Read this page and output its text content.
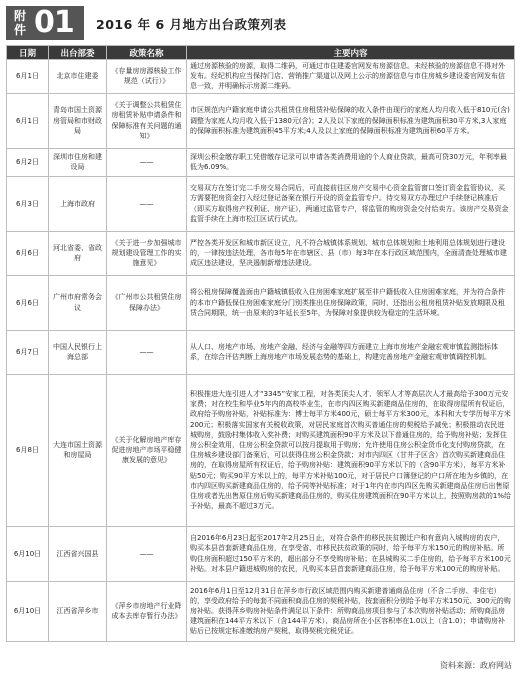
附
件 01 2016 年 6 月地方出台政策列表
日期	出台部委	政策名称	主要内容
6月1日	北京市住建委	《存量房房源核验工作规范（试行）》	通过房源核验的房源，取得二维码，可通过市住建委官网发布房源信息。未经核验的房源信息不得对外发布。经纪机构应当保持门店、营销推广渠道以及网上公示的房源信息与市住房城乡建设委官网发布信息一致，并明确标示房源二维码。
6月1日	青岛市国土资源房管局和市财政局	《关于调整公共租赁住房租赁补贴申请条件和保障标准有关问题的通知》	市区规范内户籍家庭申请公共租赁住房租赁补贴保障的收入条件由现行的家庭人均月收入低于810元(含)调整为家庭人均月收入低于1380元(含)；2人及以下家庭的保障面积标准为建筑面积30平方米,3人家庭的保障面积标准为建筑面积45平方米;4人及以上家庭的保障面积标准为建筑面积60平方米。
6月2日	深圳市住房和建设局	——	深圳公积金缴存职工凭借缴存记录可以申请各类消费用途的个人商业贷款，最高可贷30万元，年利率最低为6.09%。
6月3日	上海市政府	——	交易双方在签订完二手房交易合同后，可直接前往区房产交易中心资金监管窗口签订资金监管协议，买方需要把房资金打入经过登记备案在银行开设的资金监管专户。待交易双方办理过户手续登记核准后（即买方取得房产权利证、房产证），两通过监管专户，将监管的购房资金交付给卖方。该房产交易资金监管手续在上海市松江区试行试点。
6月6日	河北省委、省政府	《关于进一步加强城市规划建设管理工作的实施意见》	严控各类开发区和城市新区设立，凡不符合城镇体系规划、城市总体规划和土地利用总体规划进行建设的，一律按违法处理，各市每5年在市辖区、县（市）每3年在本行政区域范围内，全面清查处理城市建成区违法建设，坚决遏制新增违法建设。
6月6日	广州市府常务会议	《广州市公共租赁住房保障办法》	将公租房保障覆盖面由户籍城镇低收入住房困难家庭扩展至非户籍低收入住房困难家庭，并为符合条件的本市户籍低保住房困难家庭分门别类推出住房保障政策，同时，还指出公租房租赁补贴发放期限及租赁合同期限，统一由原来的3年延长至5年，为保障对象提供较为稳定的生活环境。
6月7日	中国人民银行上海总部	——	从人口、房地产市场、房地产金融、经济与金融等四方面建立上海市房地产金融宏观审慎监测指标体系，在综合评估判断上海房地产市场发展态势的基础上，构建完善房地产金融宏观审慎调控机制。
6月8日	大连市国土资源和房屋局	《关于化解房地产库存促进房地产市场平稳健康发展的意见》	积极推进大连引进人才“3345”安家工程，对各类顶尖人才、领军人才等高层次人才最高给予300万元安家费；对在校生和毕业5年内的高校毕业生，在市内四区购买新建商品住房的，在取得房屋所有权证后，政府给予购房补贴，补贴标准为：博士每平方米400元，硕士每平方米300元，本科和大专学历每平方米200元；积极落实国家有关税收政策，对居民家庭首次购买普通住房的契税给予减免；积极推动农民进城购房，鼓励村集体收入奖补费；对购买建筑面积90平方米及以下普通住房的，给予购房补贴；发挥住房公积金效用，住房公积金贷款可以按月提取用于购房；允许使用住房公积金货币化支付购房贷款，在住房城乡建设部门备案后，可以获得住房公积金贷款；对市内四区（甘井子区含）首次购买新建商品住房的，在取得房屋所有权证后，给予购房补贴：建筑面积90平方米以下的（含90平方米），每平方米补贴50元；购买90平方米以上的，每平方米补贴100元，对于居民户口簿登记的户口所在地为乡镇的，在市内四区购买新建商品住房的，给予同等补贴标准；对于1年内在市内四区先购买新建商品住房后出售原住房或者先出售原住房后购买新建商品住房的，购买住房建筑面积在90平方米以上，按照购房款的1%给予补贴，最高不超过3万元。
6月10日	江西省兴国县	——	自2016年6月23日起至2017年2月25日止，对符合条件的移民扶贫搬迁户和有意向入城购房的农户，购买本县首套新建商品住房，在享受省、市移民扶贫政策的同时，给予每平方米150元的购房补贴。所购住房面积超过150平方米的，超出部分不享受购房补贴；在县城购买二手住房的，给予每平方米100元补贴。对本县户籍进城购房的农民，凡购买本县首套新建商品住房，给予每平方米100元的购房补贴。
6月10日	江西省萍乡市	《萍乡市房地产行业降成本去库存暂行办法》	2016年6月1日至12月31日在萍乡市行政区域范围内购买新建普通商品住房（不含二手房、非住宅）的，享受政府给予的每套不同面积商品住房的契税补贴，按套面积分别给予每平方米150元、300元的购房补贴。获得萍乡购房补贴条件满足以下条件：所购商品房项目参与了本次购房补贴活动；所购商品房建筑面积在144平方米以下（含144平方米）、商品房所在小区容积率在1.0以上（含1.0）；申请购房补贴后已按规定标准缴纳房产契税，取得契税完税凭证。
资料来源：政府网站
